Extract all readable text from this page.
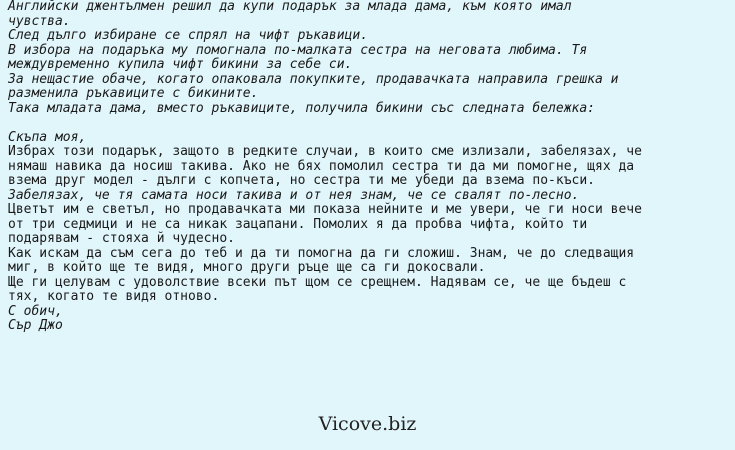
Английски джентълмен решил да купи подарък за млада дама, към която имал

чувства.

След дълго избиране се спрял на чифт ръкавици.

В избора на подаръка му помогнала по-малката сестра на неговата любима. Тя

междувременно купила чифт бикини за себе си.

За нещастие обаче, когато опаковала покупките, продавачката направила грешка и

разменила ръкавиците с бикините.

Така младата дама, вместо ръкавиците, получила бикини със следната бележка:

Скъпа моя,

Избрах този подарък, защото в редките случаи, в които сме излизали, забелязах, че

нямаш навика да носиш такива. Ако не бях помолил сестра ти да ми помогне, щях да

взема друг модел - дълги с копчета, но сестра ти ме убеди да взема по-къси.

Забелязах, че тя самата носи такива и от нея знам, че се свалят по-лесно.

Цветът им е светъл, но продавачката ми показа нейните и ме увери, че ги носи вече

от три седмици и не са никак зацапани. Помолих я да пробва чифта, който ти

подарявам - стояха й чудесно.

Как искам да съм сега до теб и да ти помогна да ги сложиш. Знам, че до следващия

миг, в който ще те видя, много други ръце ще са ги докосвали.

Ще ги целувам с удоволствие всеки път щом се срещнем. Надявам се, че ще бъдеш с

тях, когато те видя отново.

С обич,

Сър Джо

Vicove.biz
